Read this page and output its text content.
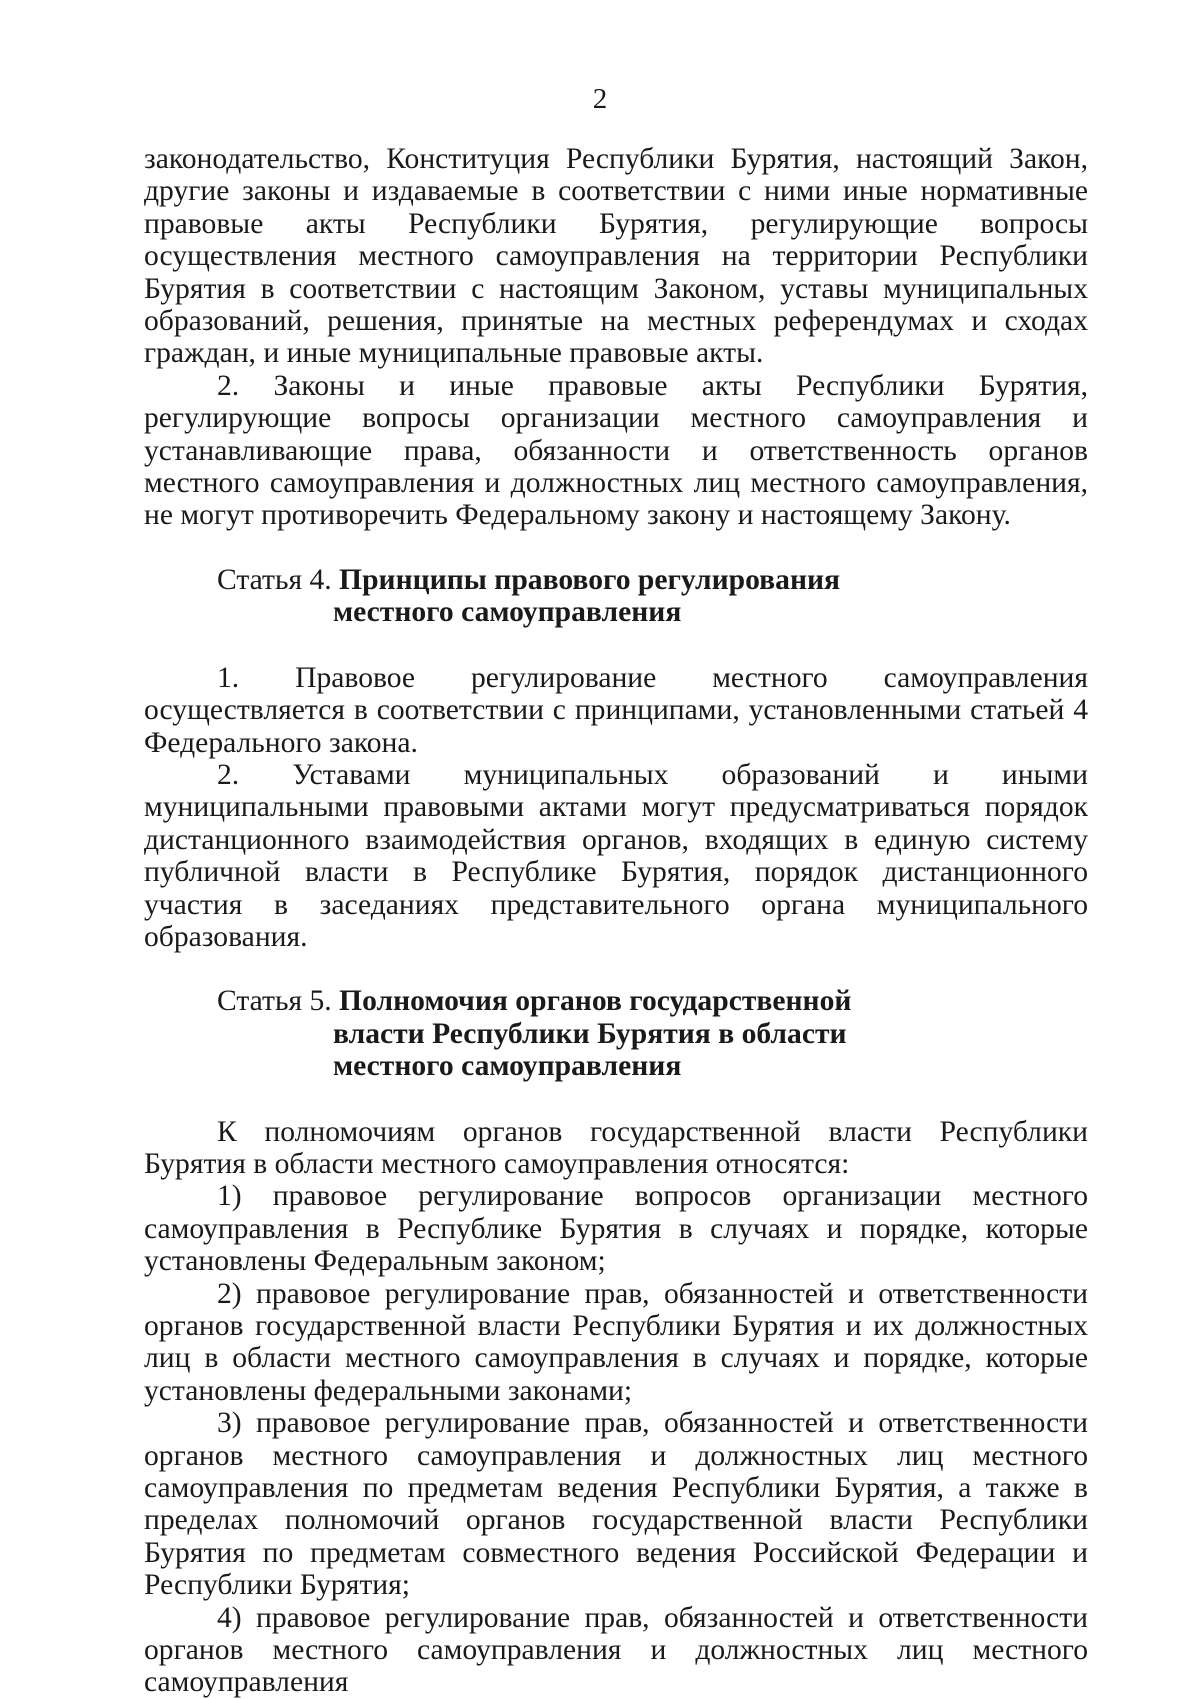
2

законодательство, Конституция Республики Бурятия, настоящий Закон, другие законы и издаваемые в соответствии с ними иные нормативные правовые акты Республики Бурятия, регулирующие вопросы осуществления местного самоуправления на территории Республики Бурятия в соответствии с настоящим Законом, уставы муниципальных образований, решения, принятые на местных референдумах и сходах граждан, и иные муниципальные правовые акты.

2. Законы и иные правовые акты Республики Бурятия, регулирующие вопросы организации местного самоуправления и устанавливающие права, обязанности и ответственность органов местного самоуправления и должностных лиц местного самоуправления, не могут противоречить Федеральному закону и настоящему Закону.

Статья 4. Принципы правового регулирования
местного самоуправления

1. Правовое регулирование местного самоуправления осуществляется в соответствии с принципами, установленными статьей 4 Федерального закона.

2. Уставами муниципальных образований и иными муниципальными правовыми актами могут предусматриваться порядок дистанционного взаимодействия органов, входящих в единую систему публичной власти в Республике Бурятия, порядок дистанционного участия в заседаниях представительного органа муниципального образования.

Статья 5. Полномочия органов государственной
власти Республики Бурятия в области
местного самоуправления

К полномочиям органов государственной власти Республики Бурятия в области местного самоуправления относятся:

1) правовое регулирование вопросов организации местного самоуправления в Республике Бурятия в случаях и порядке, которые установлены Федеральным законом;

2) правовое регулирование прав, обязанностей и ответственности органов государственной власти Республики Бурятия и их должностных лиц в области местного самоуправления в случаях и порядке, которые установлены федеральными законами;

3) правовое регулирование прав, обязанностей и ответственности органов местного самоуправления и должностных лиц местного самоуправления по предметам ведения Республики Бурятия, а также в пределах полномочий органов государственной власти Республики Бурятия по предметам совместного ведения Российской Федерации и Республики Бурятия;

4) правовое регулирование прав, обязанностей и ответственности органов местного самоуправления и должностных лиц местного самоуправления
